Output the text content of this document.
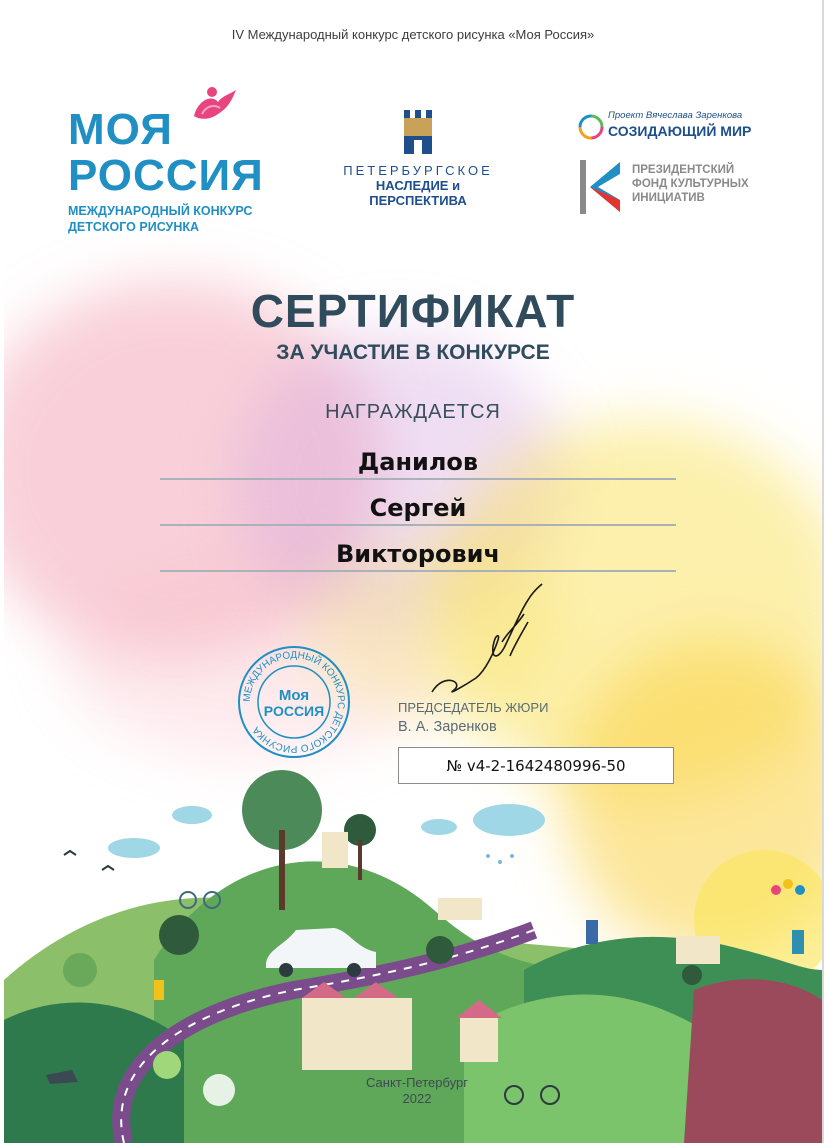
IV Международный конкурс детского рисунка «Моя Россия»
МОЯ
РОССИЯ
МЕЖДУНАРОДНЫЙ КОНКУРС
ДЕТСКОГО РИСУНКА
ПЕТЕРБУРГСКОЕ
НАСЛЕДИЕ и ПЕРСПЕКТИВА
Проект Вячеслава Заренкова
СОЗИДАЮЩИЙ МИР
ПРЕЗИДЕНТСКИЙ
ФОНД КУЛЬТУРНЫХ
ИНИЦИАТИВ
СЕРТИФИКАТ
ЗА УЧАСТИЕ В КОНКУРСЕ
НАГРАЖДАЕТСЯ
Данилов
Сергей
Викторович
МЕЖДУНАРОДНЫЙ КОНКУРС ДЕТСКОГО РИСУНКА
Моя
РОССИЯ	ПРЕДСЕДАТЕЛЬ ЖЮРИ
В. А. Заренков
№ v4-2-1642480996-50
Санкт-Петербург
2022
